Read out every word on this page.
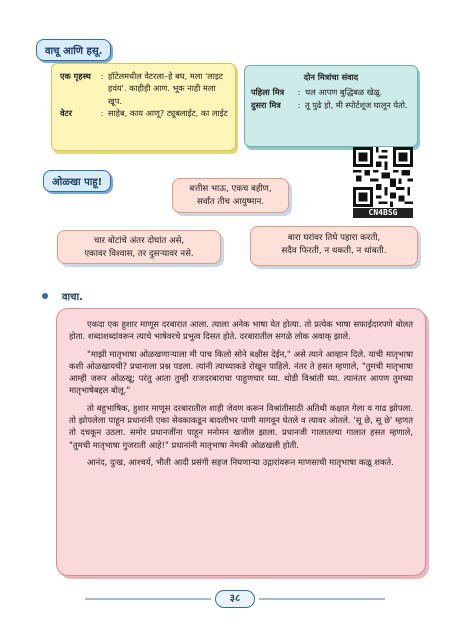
वाचू आणि हसू.
एक गृहस्थ	: हॉटेलमधील वेटरला–हे बघ, मला 'लाइट हवंय'. काहीही आण. भूक नाही मला खूप.
वेटर	: साहेब, काय आणू? ट्यूबलाईट, का लाईट
दोन मित्रांचा संवाद
पहिला मित्र	: चल आपण बुद्धिबळ खेळू.
दुसरा मित्र	: तू पुढे हो, मी स्पोर्टशूज घालून येतो.
CN4BSG
ओळखा पाहू!
बत्तीस भाऊ, एकच बहीण,
सर्वांत तीच आयुष्मान.
चार बोटांचे अंतर दोघांत असे,
एकावर विश्वास, तर दुसऱ्यावर नसे.
बारा घरांवर तिघे पहारा करती,
सदैव फिरती, न थकती, न थांबती.
वाचा.

एकदा एक हुशार माणूस दरबारात आला. त्याला अनेक भाषा येत होत्या. तो प्रत्येक भाषा सफाईदारपणे बोलत होता. शब्दाशब्दांवरून त्याचे भाषेवरचे प्रभुत्व दिसत होते. दरबारातील सगळे लोक अवाक् झाले.

"माझी मातृभाषा ओळखणाऱ्याला मी पाच किलो सोने बक्षीस देईन," असे त्याने आव्हान दिले. याची मातृभाषा कशी ओळखायची? प्रधानाला प्रश्न पडला. त्यांनी त्याच्याकडे रोखून पाहिले. नंतर ते हसत म्हणाले, "तुमची मातृभाषा आम्ही जरूर ओळखू; परंतु आता तुम्ही राजदरबाराचा पाहुणचार घ्या. थोडी विश्रांती घ्या. त्यानंतर आपण तुमच्या मातृभाषेबद्दल बोलू."

तो बहुभाषिक, हुशार माणूस दरबारातील शाही जेवण करून विश्रांतीसाठी अतिथी कक्षात गेला व गाढ झोपला. तो झोपलेला पाहून प्रधानांनी एका सेवकाकडून बादलीभर पाणी मागवून घेतले व त्यावर ओतले. 'सू छे, सू छे' म्हणत तो दचकून उठला. समोर प्रधानजींना पाहून मनोमन खजील झाला. प्रधानजी गालातल्या गालात हसत म्हणाले, "तुमची मातृभाषा गुजराती आहे!" प्रधानांनी मातृभाषा नेमकी ओळखली होती.

आनंद, दुःख, आश्चर्य, भीती आदी प्रसंगी सहज निघणाऱ्या उद्गारांवरून माणसाची मातृभाषा कळू शकते.

३८
